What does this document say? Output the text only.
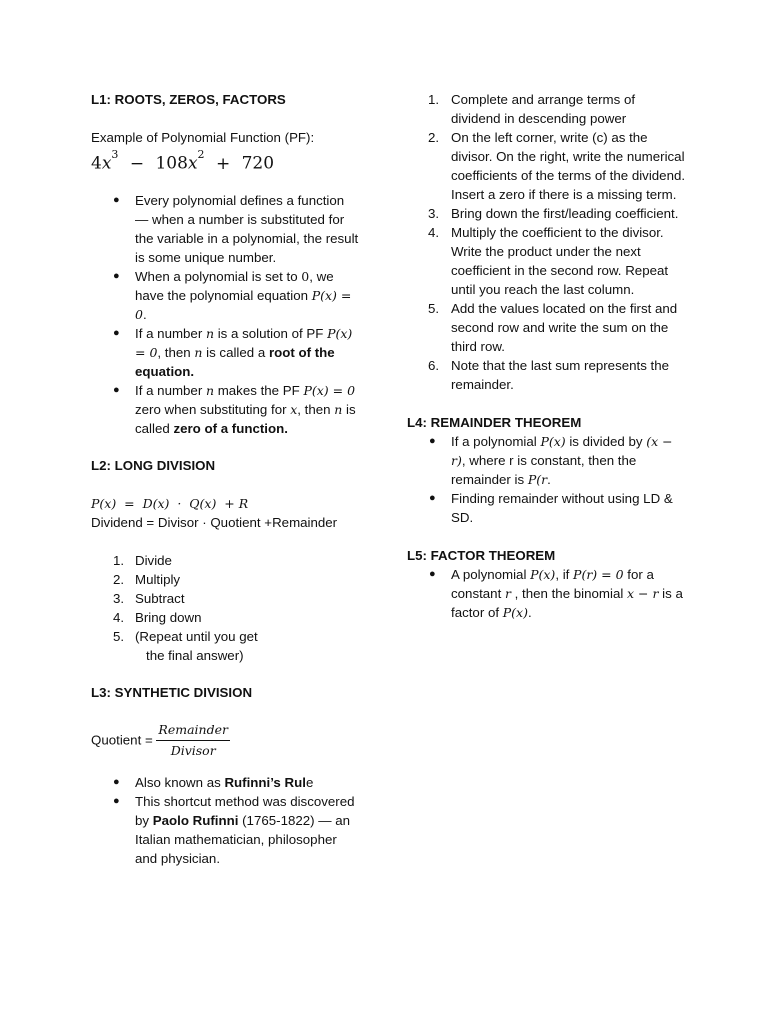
L1: ROOTS, ZEROS, FACTORS

Example of Polynomial Function (PF):
$4x^3 - 108x^2 + 720$
● Every polynomial defines a function — when a number is substituted for the variable in a polynomial, the result is some unique number.
● When a polynomial is set to 0, we have the polynomial equation P(x) = 0.
● If a number n is a solution of PF P(x) = 0, then n is called a root of the equation.
● If a number n makes the PF P(x) = 0 zero when substituting for x, then n is called zero of a function.

L2: LONG DIVISION

P(x)  =  D(x)  ·  Q(x)  + R
Dividend = Divisor · Quotient +Remainder
1. Divide
2. Multiply
3. Subtract
4. Bring down
5. (Repeat until you get
the final answer)

L3: SYNTHETIC DIVISION

Quotient = $\frac{\text{Remainder}}{\text{Divisor}}$
● Also known as Rufinni’s Rule
● This shortcut method was discovered by Paolo Rufinni (1765-1822) — an Italian mathematician, philosopher and physician.
1. Complete and arrange terms of dividend in descending power
2. On the left corner, write (c) as the divisor. On the right, write the numerical coefficients of the terms of the dividend. Insert a zero if there is a missing term.
3. Bring down the first/leading coefficient.
4. Multiply the coefficient to the divisor. Write the product under the next coefficient in the second row. Repeat until you reach the last column.
5. Add the values located on the first and second row and write the sum on the third row.
6. Note that the last sum represents the remainder.

L4: REMAINDER THEOREM

● If a polynomial P(x) is divided by (x − r), where r is constant, then the remainder is P(r.
● Finding remainder without using LD & SD.

L5: FACTOR THEOREM

● A polynomial P(x), if P(r) = 0 for a constant r , then the binomial x − r is a factor of P(x).
